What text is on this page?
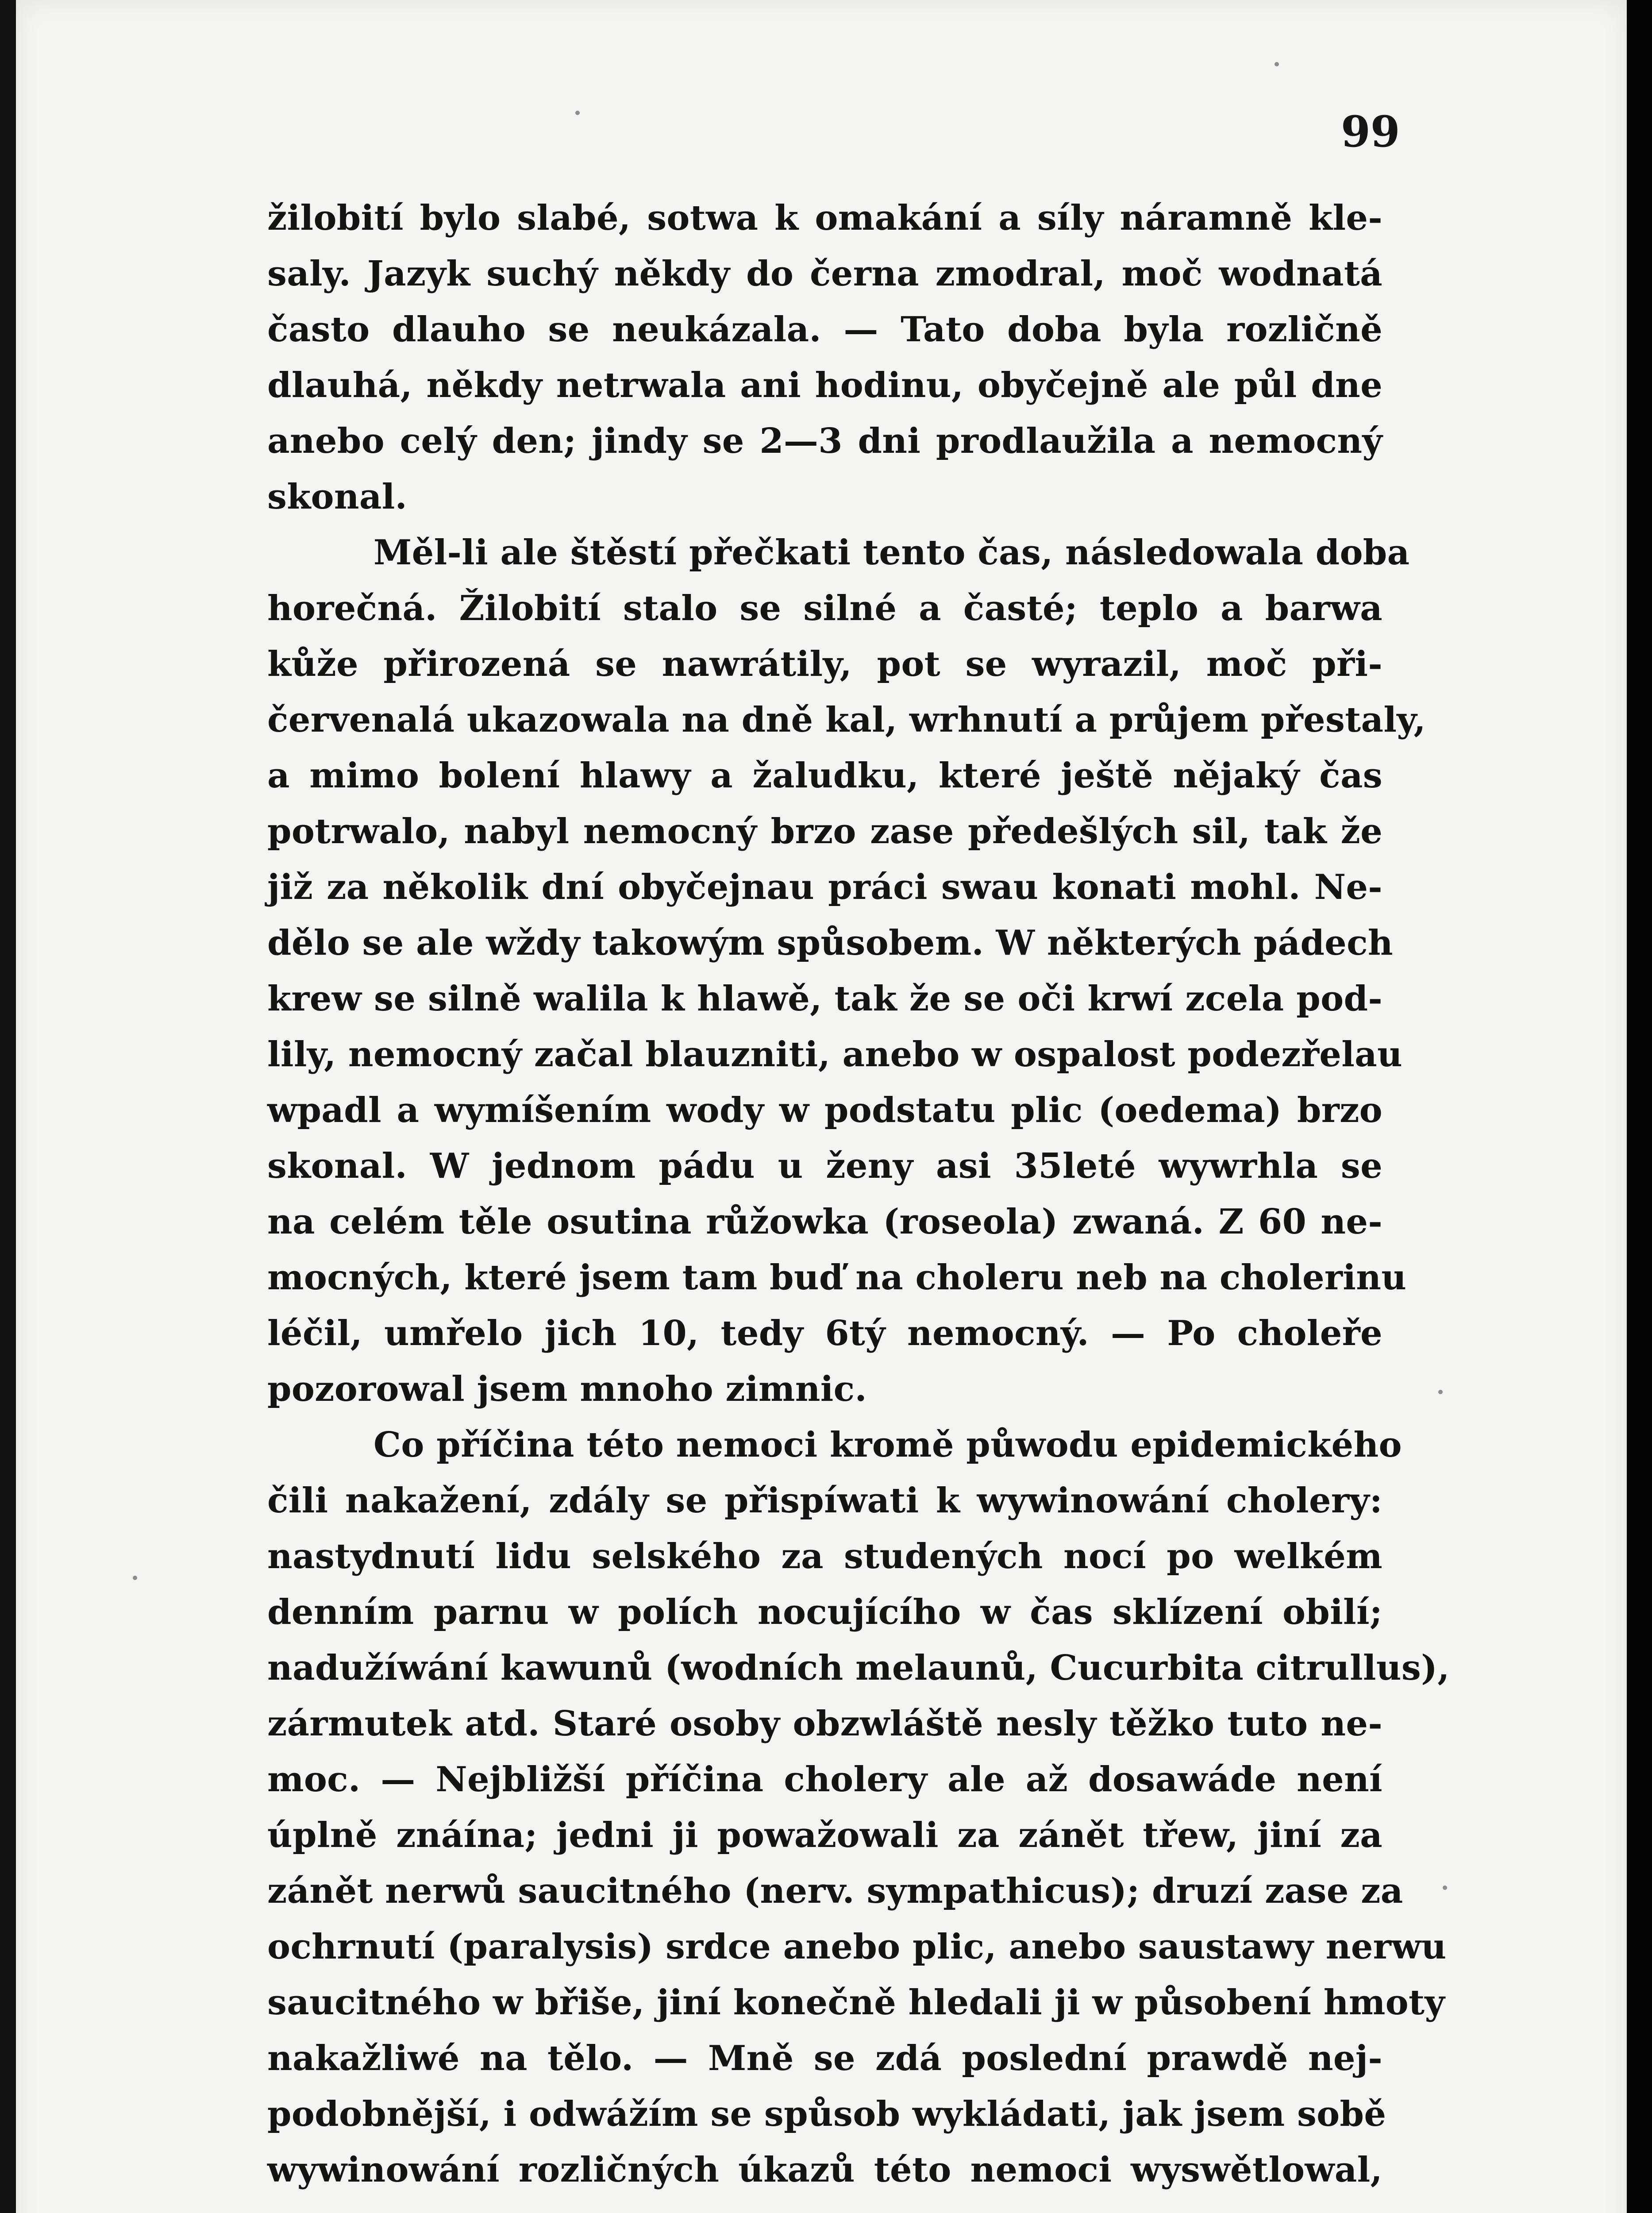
99
žilobití bylo slabé, sotwa k omakání a síly náramně kle-
saly. Jazyk suchý někdy do černa zmodral, moč wodnatá
často dlauho se neukázala. — Tato doba byla rozličně
dlauhá, někdy netrwala ani hodinu, obyčejně ale půl dne
anebo celý den; jindy se 2—3 dni prodlaužila a nemocný
skonal.
Měl-li ale štěstí přečkati tento čas, následowala doba
horečná. Žilobití stalo se silné a časté; teplo a barwa
kůže přirozená se nawrátily, pot se wyrazil, moč při-
červenalá ukazowala na dně kal, wrhnutí a průjem přestaly,
a mimo bolení hlawy a žaludku, které ještě nějaký čas
potrwalo, nabyl nemocný brzo zase předešlých sil, tak že
již za několik dní obyčejnau práci swau konati mohl. Ne-
dělo se ale wždy takowým spůsobem. W některých pádech
krew se silně walila k hlawě, tak že se oči krwí zcela pod-
lily, nemocný začal blauzniti, anebo w ospalost podezřelau
wpadl a wymíšením wody w podstatu plic (oedema) brzo
skonal. W jednom pádu u ženy asi 35leté wywrhla se
na celém těle osutina růžowka (roseola) zwaná. Z 60 ne-
mocných, které jsem tam buď na choleru neb na cholerinu
léčil, umřelo jich 10, tedy 6tý nemocný. — Po choleře
pozorowal jsem mnoho zimnic.
Co příčina této nemoci kromě půwodu epidemického
čili nakažení, zdály se přispíwati k wywinowání cholery:
nastydnutí lidu selského za studených nocí po welkém
denním parnu w polích nocujícího w čas sklízení obilí;
nadužíwání kawunů (wodních melaunů, Cucurbita citrullus),
zármutek atd. Staré osoby obzwláště nesly těžko tuto ne-
moc. — Nejbližší příčina cholery ale až dosawáde není
úplně znáína; jedni ji powažowali za zánět třew, jiní za
zánět nerwů saucitného (nerv. sympathicus); druzí zase za
ochrnutí (paralysis) srdce anebo plic, anebo saustawy nerwu
saucitného w břiše, jiní konečně hledali ji w působení hmoty
nakažliwé na tělo. — Mně se zdá poslední prawdě nej-
podobnější, i odwážím se spůsob wykládati, jak jsem sobě
wywinowání rozličných úkazů této nemoci wyswětlowal,
